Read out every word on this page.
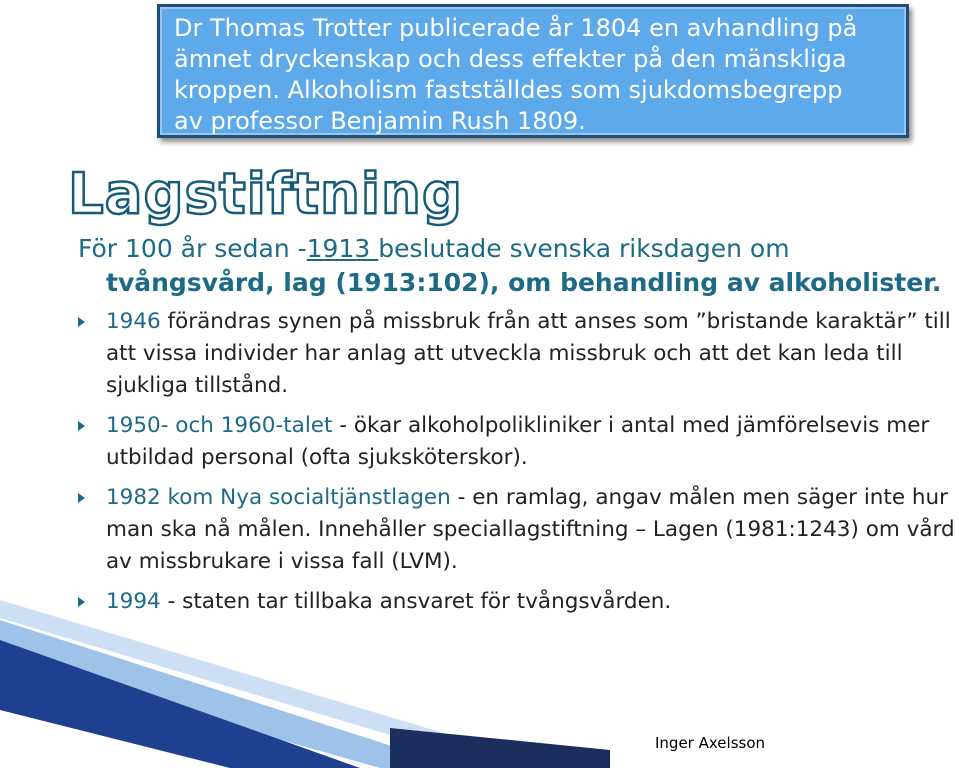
Dr Thomas Trotter publicerade år 1804 en avhandling på
ämnet dryckenskap och dess effekter på den mänskliga
kroppen. Alkoholism fastställdes som sjukdomsbegrepp
av professor Benjamin Rush 1809.
Lagstiftning

För 100 år sedan -1913 beslutade svenska riksdagen om
tvångsvård, lag (1913:102), om behandling av alkoholister.

1946 förändras synen på missbruk från att anses som ”bristande karaktär” till att vissa individer har anlag att utveckla missbruk och att det kan leda till sjukliga tillstånd.
1950- och 1960-talet - ökar alkoholpolikliniker i antal med jämförelsevis mer utbildad personal (ofta sjuksköterskor).
1982 kom Nya socialtjänstlagen - en ramlag, angav målen men säger inte hur man ska nå målen. Innehåller speciallagstiftning – Lagen (1981:1243) om vård av missbrukare i vissa fall (LVM).
1994 - staten tar tillbaka ansvaret för tvångsvården.
Inger Axelsson
